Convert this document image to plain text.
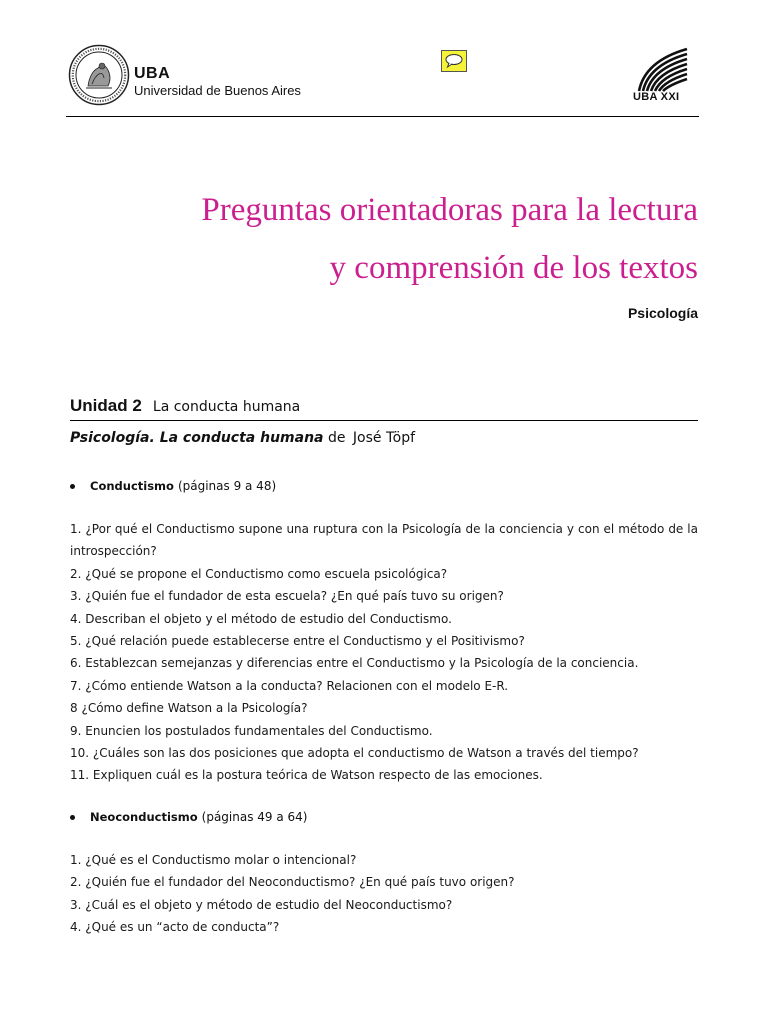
UBA
Universidad de Buenos Aires	UBA XXI
Preguntas orientadoras para la lectura
y comprensión de los textos
Psicología
Unidad 2 La conducta humana
Psicología. La conducta humana de José Töpf
Conductismo (páginas 9 a 48)
1. ¿Por qué el Conductismo supone una ruptura con la Psicología de la conciencia y con el método de la introspección?
2. ¿Qué se propone el Conductismo como escuela psicológica?
3. ¿Quién fue el fundador de esta escuela? ¿En qué país tuvo su origen?
4. Describan el objeto y el método de estudio del Conductismo.
5. ¿Qué relación puede establecerse entre el Conductismo y el Positivismo?
6. Establezcan semejanzas y diferencias entre el Conductismo y la Psicología de la conciencia.
7. ¿Cómo entiende Watson a la conducta? Relacionen con el modelo E-R.
8 ¿Cómo define Watson a la Psicología?
9. Enuncien los postulados fundamentales del Conductismo.
10. ¿Cuáles son las dos posiciones que adopta el conductismo de Watson a través del tiempo?
11. Expliquen cuál es la postura teórica de Watson respecto de las emociones.
Neoconductismo (páginas 49 a 64)
1. ¿Qué es el Conductismo molar o intencional?
2. ¿Quién fue el fundador del Neoconductismo? ¿En qué país tuvo origen?
3. ¿Cuál es el objeto y método de estudio del Neoconductismo?
4. ¿Qué es un “acto de conducta”?
